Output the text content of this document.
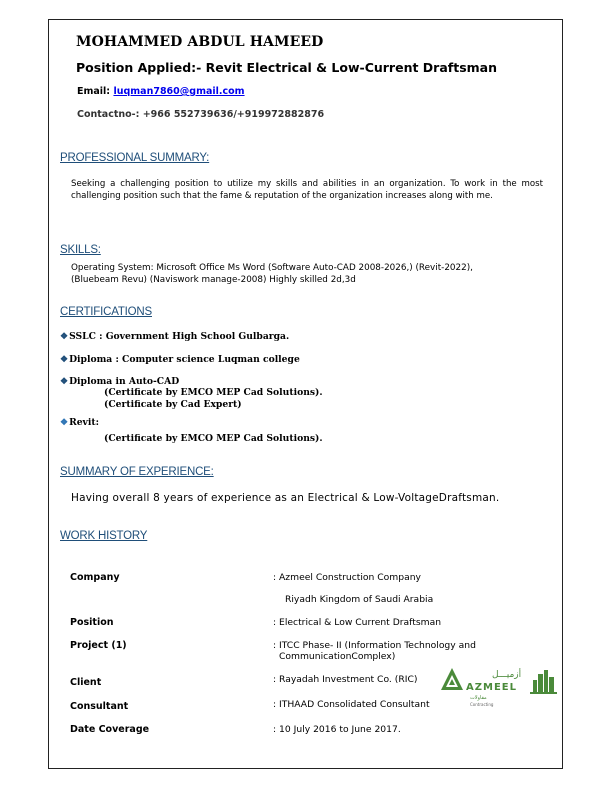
MOHAMMED ABDUL HAMEED
Position Applied:- Revit Electrical & Low-Current Draftsman
Email: luqman7860@gmail.com
Contactno-: +966 552739636/+919972882876
PROFESSIONAL SUMMARY:
Seeking a challenging position to utilize my skills and abilities in an organization. To work in the most challenging position such that the fame & reputation of the organization increases along with me.
SKILLS:
Operating System: Microsoft Office Ms Word (Software Auto-CAD 2008-2026,) (Revit-2022),
(Bluebeam Revu) (Naviswork manage-2008) Highly skilled 2d,3d
CERTIFICATIONS
❖SSLC : Government High School Gulbarga.
❖Diploma : Computer science Luqman college
❖Diploma in Auto-CAD
(Certificate by EMCO MEP Cad Solutions).
(Certificate by Cad Expert)
❖Revit:
(Certificate by EMCO MEP Cad Solutions).
SUMMARY OF EXPERIENCE:
Having overall 8 years of experience as an Electrical & Low-VoltageDraftsman.
WORK HISTORY
Company	: Azmeel Construction Company
Riyadh Kingdom of Saudi Arabia
Position	: Electrical & Low Current Draftsman
Project (1)	: ITCC Phase- II (Information Technology and
CommunicationComplex)
Client	: Rayadah Investment Co. (RIC)
Consultant	: ITHAAD Consolidated Consultant
Date Coverage	: 10 July 2016 to June 2017.
أزميـــل
AZMEEL
مقاولات
Contracting
